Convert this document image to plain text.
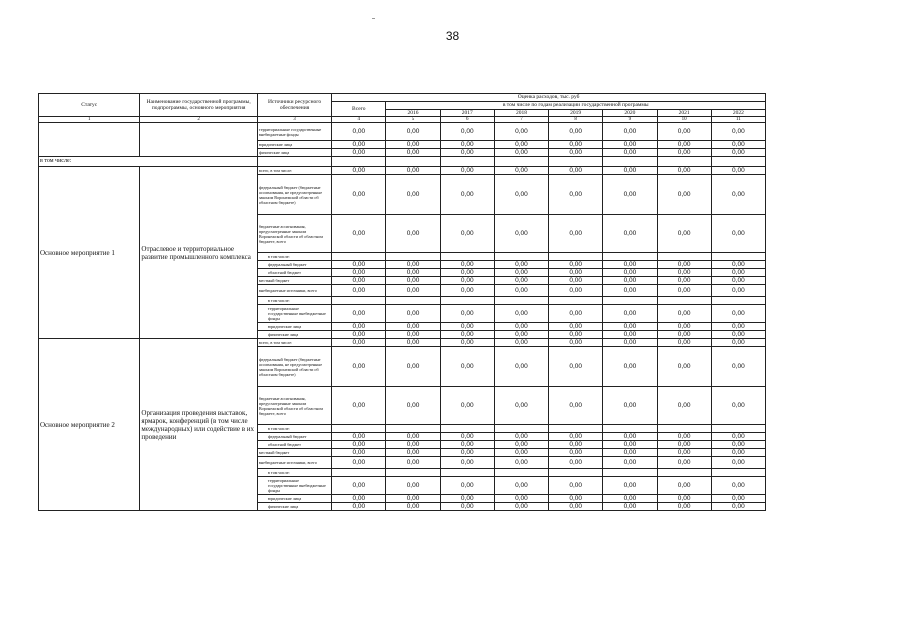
38
Статус	Наименование государственной программы, подпрограммы, основного мероприятия	Источники ресурсного обеспечения	Оценка расходов, тыс. руб							
			Всего	в том числе по годам реализации государственной программы						
				2016	2017	2018	2019	2020	2021	2022
1	2	3	4	5	6	7	8	9	10	11
		территориальные государственные внебюджетные фонды	0,00	0,00	0,00	0,00	0,00	0,00	0,00	0,00
		юридические лица	0,00	0,00	0,00	0,00	0,00	0,00	0,00	0,00
		физические лица	0,00	0,00	0,00	0,00	0,00	0,00	0,00	0,00
в том числе:										
Основное мероприятие 1	Отраслевое и территориальное развитие промышленного комплекса	всего, в том числе:	0,00	0,00	0,00	0,00	0,00	0,00	0,00	0,00
		федеральный бюджет (бюджетные ассигнования, не предусмотренные законом Воронежской области об областном бюджете)	0,00	0,00	0,00	0,00	0,00	0,00	0,00	0,00
		бюджетные ассигнования, предусмотренные законом Воронежской области об областном бюджете, всего	0,00	0,00	0,00	0,00	0,00	0,00	0,00	0,00
		в том числе:								
		федеральный бюджет	0,00	0,00	0,00	0,00	0,00	0,00	0,00	0,00
		областной бюджет	0,00	0,00	0,00	0,00	0,00	0,00	0,00	0,00
		местный бюджет	0,00	0,00	0,00	0,00	0,00	0,00	0,00	0,00
		внебюджетные источники, всего	0,00	0,00	0,00	0,00	0,00	0,00	0,00	0,00
		в том числе:								
		территориальные государственные внебюджетные фонды	0,00	0,00	0,00	0,00	0,00	0,00	0,00	0,00
		юридические лица	0,00	0,00	0,00	0,00	0,00	0,00	0,00	0,00
		физические лица	0,00	0,00	0,00	0,00	0,00	0,00	0,00	0,00
Основное мероприятие 2	Организация проведения выставок, ярмарок, конференций (в том числе международных) или содействие в их проведении	всего, в том числе:	0,00	0,00	0,00	0,00	0,00	0,00	0,00	0,00
		федеральный бюджет (бюджетные ассигнования, не предусмотренные законом Воронежской области об областном бюджете)	0,00	0,00	0,00	0,00	0,00	0,00	0,00	0,00
		бюджетные ассигнования, предусмотренные законом Воронежской области об областном бюджете, всего	0,00	0,00	0,00	0,00	0,00	0,00	0,00	0,00
		в том числе:								
		федеральный бюджет	0,00	0,00	0,00	0,00	0,00	0,00	0,00	0,00
		областной бюджет	0,00	0,00	0,00	0,00	0,00	0,00	0,00	0,00
		местный бюджет	0,00	0,00	0,00	0,00	0,00	0,00	0,00	0,00
		внебюджетные источники, всего	0,00	0,00	0,00	0,00	0,00	0,00	0,00	0,00
		в том числе:								
		территориальные государственные внебюджетные фонды	0,00	0,00	0,00	0,00	0,00	0,00	0,00	0,00
		юридические лица	0,00	0,00	0,00	0,00	0,00	0,00	0,00	0,00
		физические лица	0,00	0,00	0,00	0,00	0,00	0,00	0,00	0,00
